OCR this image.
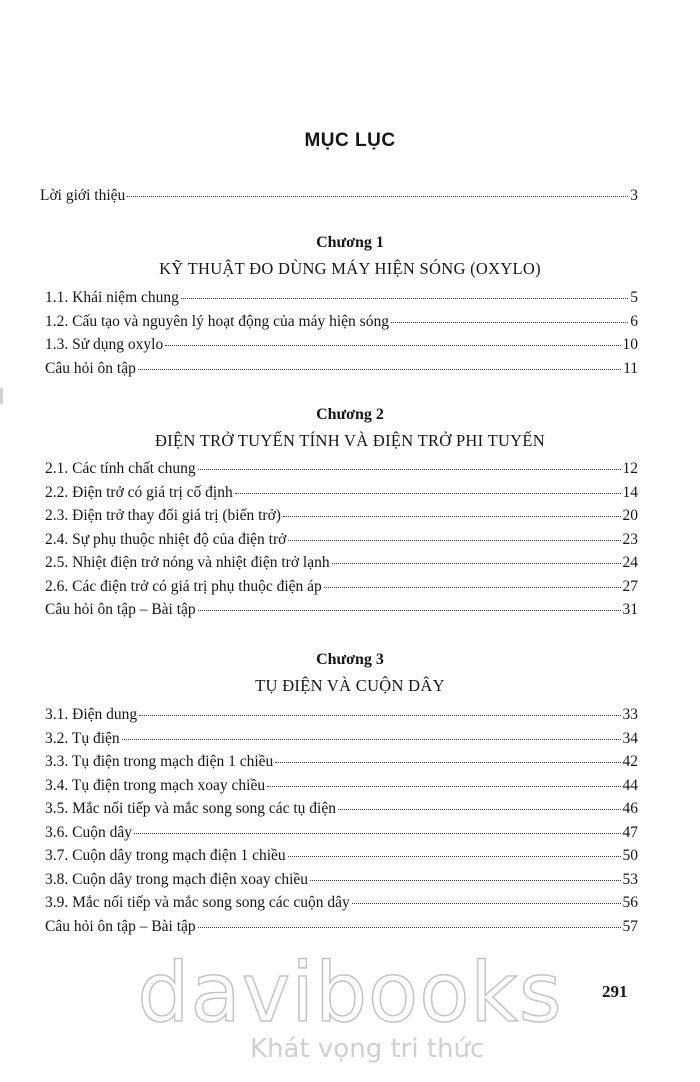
MỤC LỤC
Lời giới thiệu	3
Chương 1
KỸ THUẬT ĐO DÙNG MÁY HIỆN SÓNG (OXYLO)
1.1. Khái niệm chung	5
1.2. Cấu tạo và nguyên lý hoạt động của máy hiện sóng	6
1.3. Sử dụng oxylo	10
Câu hỏi ôn tập	11
Chương 2
ĐIỆN TRỞ TUYẾN TÍNH VÀ ĐIỆN TRỞ PHI TUYẾN
2.1. Các tính chất chung	12
2.2. Điện trở có giá trị cố định	14
2.3. Điện trở thay đổi giá trị (biến trở)	20
2.4. Sự phụ thuộc nhiệt độ của điện trở	23
2.5. Nhiệt điện trở nóng và nhiệt điện trở lạnh	24
2.6. Các điện trở có giá trị phụ thuộc điện áp	27
Câu hỏi ôn tập – Bài tập	31
Chương 3
TỤ ĐIỆN VÀ CUỘN DÂY
3.1. Điện dung	33
3.2. Tụ điện	34
3.3. Tụ điện trong mạch điện 1 chiều	42
3.4. Tụ điện trong mạch xoay chiều	44
3.5. Mắc nối tiếp và mắc song song các tụ điện	46
3.6. Cuộn dây	47
3.7. Cuộn dây trong mạch điện 1 chiều	50
3.8. Cuộn dây trong mạch điện xoay chiều	53
3.9. Mắc nối tiếp và mắc song song các cuộn dây	56
Câu hỏi ôn tập – Bài tập	57
davibooks
Khát vọng tri thức
291
